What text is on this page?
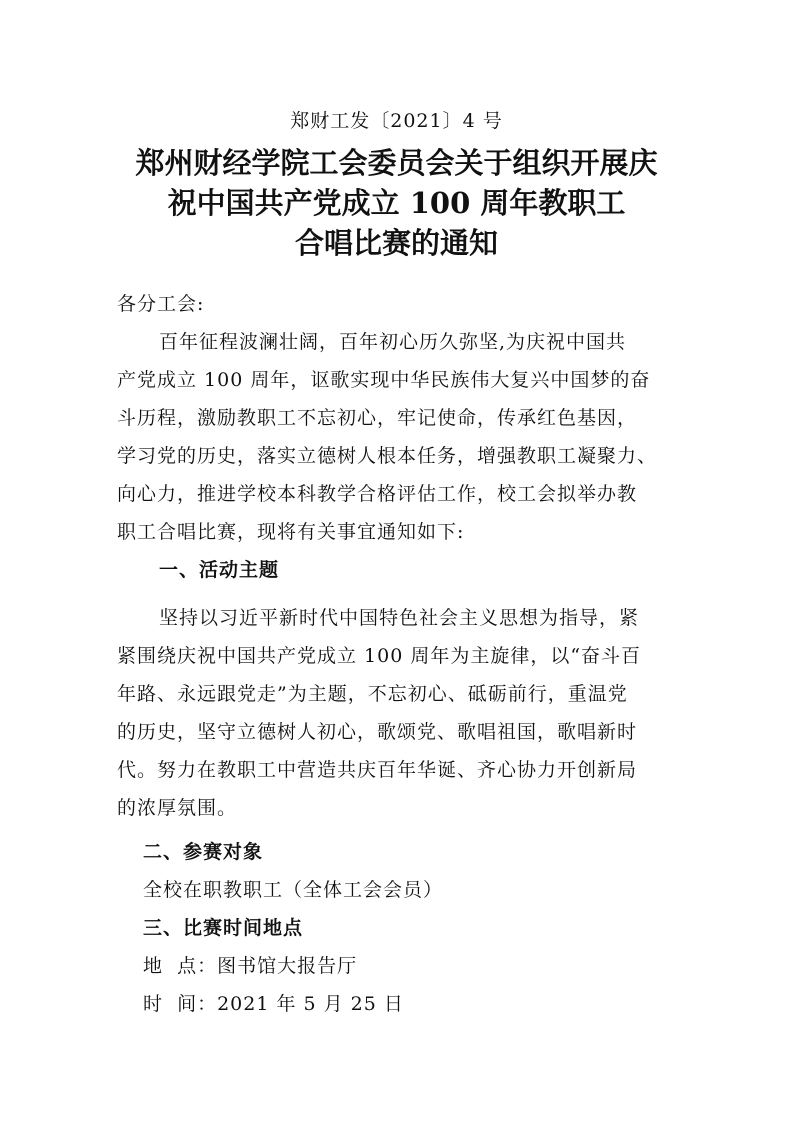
郑财工发〔2021〕4 号
郑州财经学院工会委员会关于组织开展庆
祝中国共产党成立 100 周年教职工
合唱比赛的通知
各分工会:
百年征程波澜壮阔，百年初心历久弥坚,为庆祝中国共
产党成立 100 周年，讴歌实现中华民族伟大复兴中国梦的奋
斗历程，激励教职工不忘初心，牢记使命，传承红色基因，
学习党的历史，落实立德树人根本任务，增强教职工凝聚力、
向心力，推进学校本科教学合格评估工作，校工会拟举办教
职工合唱比赛，现将有关事宜通知如下:
一、活动主题
坚持以习近平新时代中国特色社会主义思想为指导，紧
紧围绕庆祝中国共产党成立 100 周年为主旋律，以“奋斗百
年路、永远跟党走”为主题，不忘初心、砥砺前行，重温党
的历史，坚守立德树人初心，歌颂党、歌唱祖国，歌唱新时
代。努力在教职工中营造共庆百年华诞、齐心协力开创新局
的浓厚氛围。
二、参赛对象
全校在职教职工（全体工会会员）
三、比赛时间地点
地  点：图书馆大报告厅
时  间：2021 年 5 月 25 日
